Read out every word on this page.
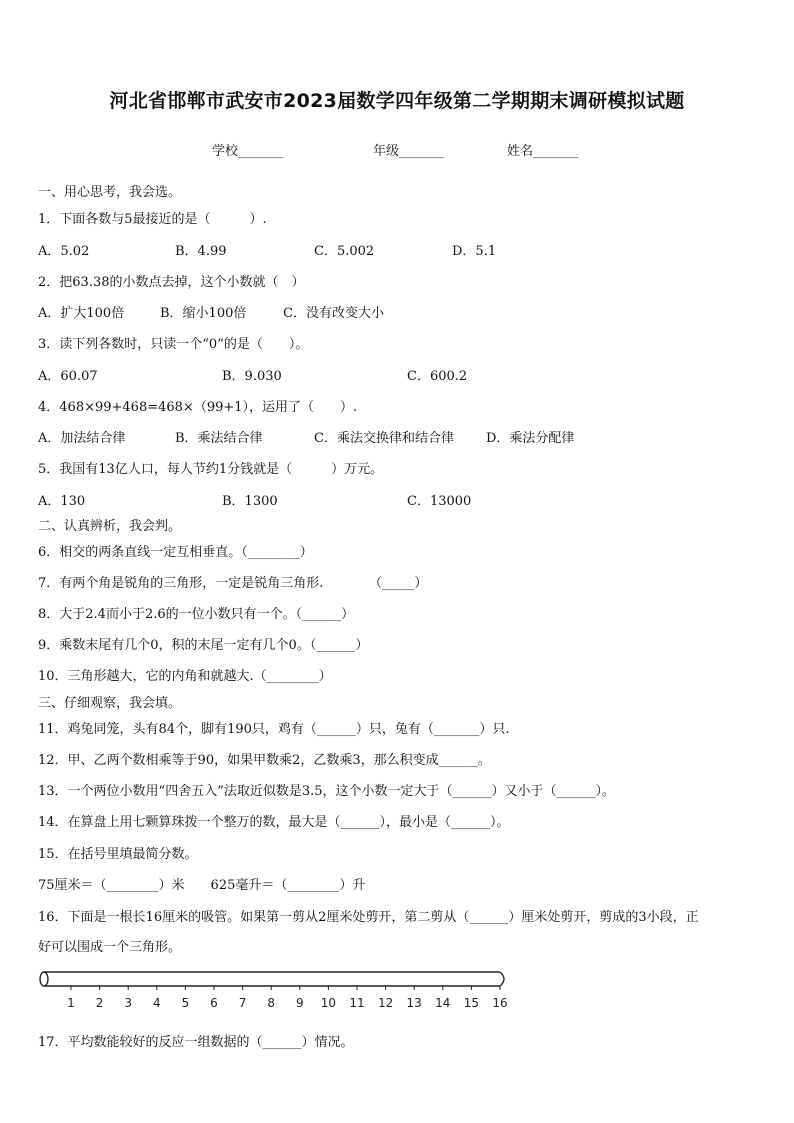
河北省邯郸市武安市2023届数学四年级第二学期期末调研模拟试题
学校_______	年级_______	姓名_______
一、用心思考，我会选。
1．下面各数与5最接近的是（　　　）.
A．5.02	B．4.99	C．5.002	D．5.1
2．把63.38的小数点去掉，这个小数就（　）
A．扩大100倍	B．缩小100倍	C．没有改变大小
3．读下列各数时，只读一个“0”的是（　　）。
A．60.07	B．9.030	C．600.2
4．468×99+468=468×（99+1），运用了（　　）.
A．加法结合律	B．乘法结合律	C．乘法交换律和结合律 D．乘法分配律
5．我国有13亿人口，每人节约1分钱就是（　　　）万元。
A．130	B．1300	C．13000
二、认真辨析，我会判。
6．相交的两条直线一定互相垂直。（________）
7．有两个角是锐角的三角形，一定是锐角三角形.　　　　（_____）
8．大于2.4而小于2.6的一位小数只有一个。（______）
9．乘数末尾有几个0，积的末尾一定有几个0。（______）
10．三角形越大，它的内角和就越大.（________）
三、仔细观察，我会填。
11．鸡兔同笼，头有84个，脚有190只，鸡有（______）只，兔有（_______）只.
12．甲、乙两个数相乘等于90，如果甲数乘2，乙数乘3，那么积变成______。
13．一个两位小数用“四舍五入”法取近似数是3.5，这个小数一定大于（______）又小于（______）。
14．在算盘上用七颗算珠拨一个整万的数，最大是（______），最小是（______）。
15．在括号里填最简分数。
75厘米＝（________）米　　625毫升＝（________）升
16．下面是一根长16厘米的吸管。如果第一剪从2厘米处剪开，第二剪从（______）厘米处剪开，剪成的3小段，正
好可以围成一个三角形。
1 2 3 4 5 6 7 8 9 10 11 12 13 14 15 16
17．平均数能较好的反应一组数据的（______）情况。
